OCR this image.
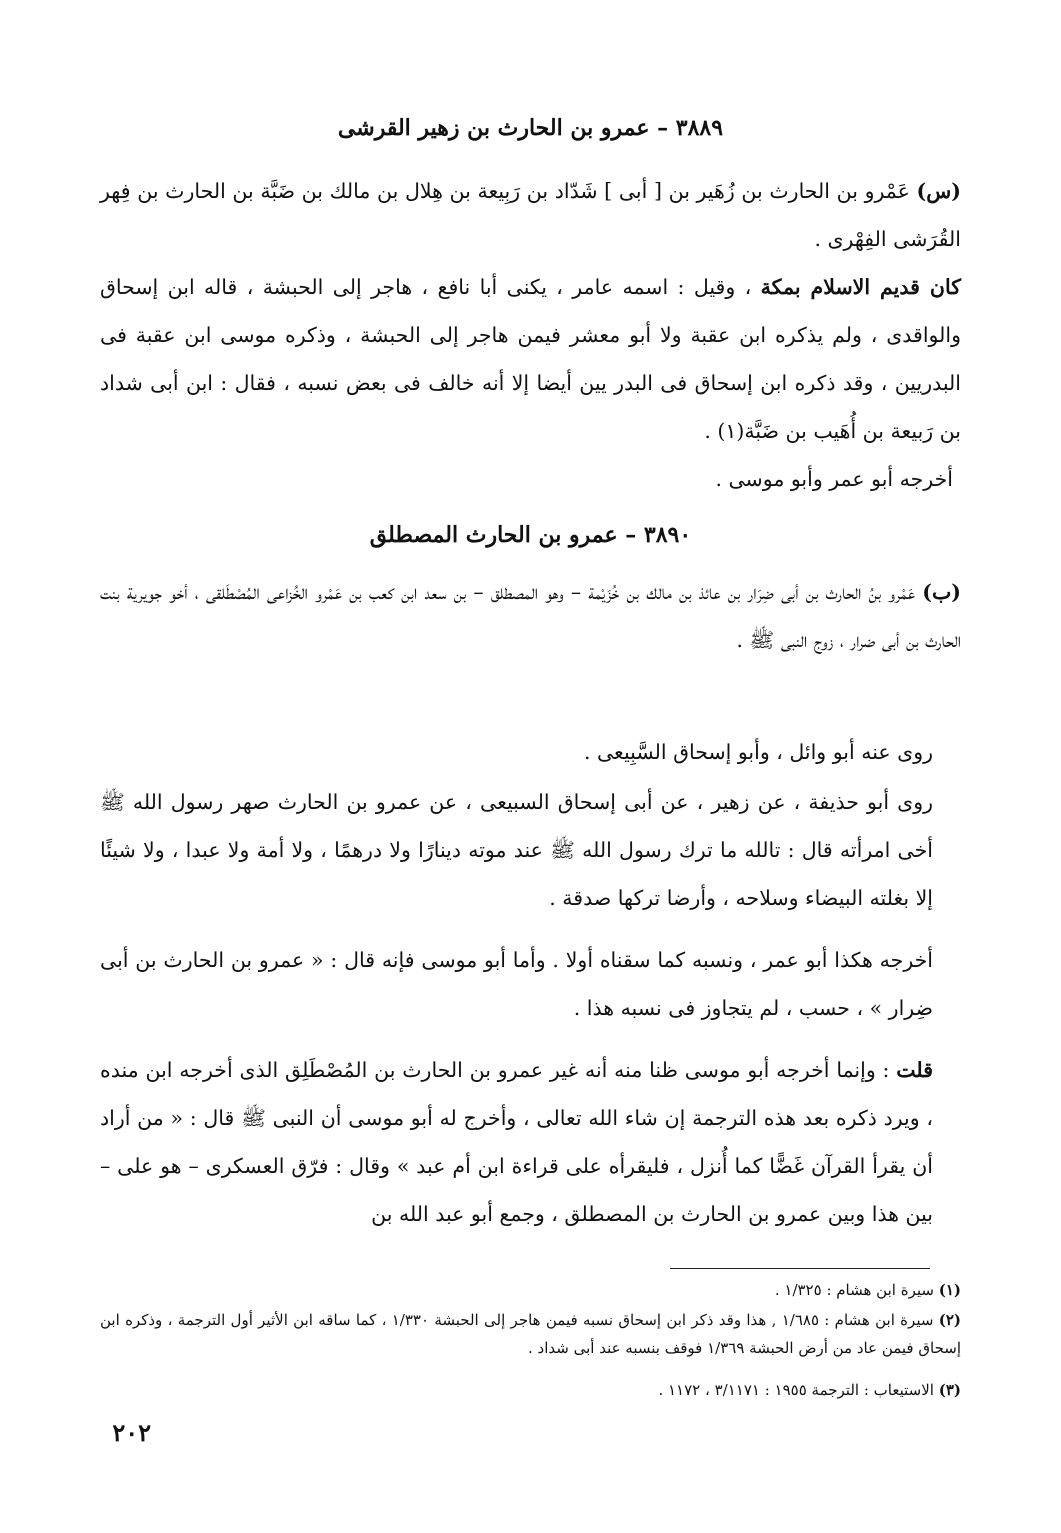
٣٨٨٩ – عمرو بن الحارث بن زهير القرشى
(س) عَمْرو بن الحارث بن زُهَير بن [ أبى ] شَدّاد بن رَبِيعة بن هِلال بن مالك بن ضَبَّة بن الحارث بن فِهر القُرَشى الفِهْرى .
كان قديم الاسلام بمكة ، وقيل : اسمه عامر ، يكنى أبا نافع ، هاجر إلى الحبشة ، قاله ابن إسحاق والواقدى ، ولم يذكره ابن عقبة ولا أبو معشر فيمن هاجر إلى الحبشة ، وذكره موسى ابن عقبة فى البدريين ، وقد ذكره ابن إسحاق فى البدر يين أيضا إلا أنه خالف فى بعض نسبه ، فقال : ابن أبى شداد بن رَبيعة بن أُهَيب بن ضَبَّة(١) .
أخرجه أبو عمر وأبو موسى .
٣٨٩٠ – عمرو بن الحارث المصطلق
(ب) عَمْرو بنُ الحارث بن أبى ضِرَار بن عائذ بن مالك بن خُزَيْمة – وهو المصطلق – بن سعد ابن كعب بن عَمْرو الخُزاعى المُصْطَلقى ، أخو جويرية بنت الحارث بن أبى ضرار ، زوج النبى ﷺ .
روى عنه أبو وائل ، وأبو إسحاق السَّبِيعى .
روى أبو حذيفة ، عن زهير ، عن أبى إسحاق السبيعى ، عن عمرو بن الحارث صهر رسول الله ﷺ أخى امرأته قال : تالله ما ترك رسول الله ﷺ عند موته دينارًا ولا درهمًا ، ولا أمة ولا عبدا ، ولا شيئًا إلا بغلته البيضاء وسلاحه ، وأرضا تركها صدقة .
أخرجه هكذا أبو عمر ، ونسبه كما سقناه أولا . وأما أبو موسى فإنه قال : « عمرو بن الحارث بن أبى ضِرار » ، حسب ، لم يتجاوز فى نسبه هذا .
قلت : وإنما أخرجه أبو موسى ظنا منه أنه غير عمرو بن الحارث بن المُصْطَلِق الذى أخرجه ابن منده ، ويرد ذكره بعد هذه الترجمة إن شاء الله تعالى ، وأخرج له أبو موسى أن النبى ﷺ قال : « من أراد أن يقرأ القرآن غَضًّا كما أُنزل ، فليقرأه على قراءة ابن أم عبد » وقال : فرّق العسكرى – هو على – بين هذا وبين عمرو بن الحارث بن المصطلق ، وجمع أبو عبد الله بن
(١) سيرة ابن هشام : ١/٣٢٥ .
(٢) سيرة ابن هشام : ١/٦٨٥ , هذا وقد ذكر ابن إسحاق نسبه فيمن هاجر إلى الحبشة ١/٣٣٠ ، كما ساقه ابن الأثير أول الترجمة ، وذكره ابن إسحاق فيمن عاد من أرض الحبشة ١/٣٦٩ فوقف بنسبه عند أبى شداد .
(٣) الاستيعاب : الترجمة ١٩٥٥ : ٣/١١٧١ ، ١١٧٢ .
٢٠٢
